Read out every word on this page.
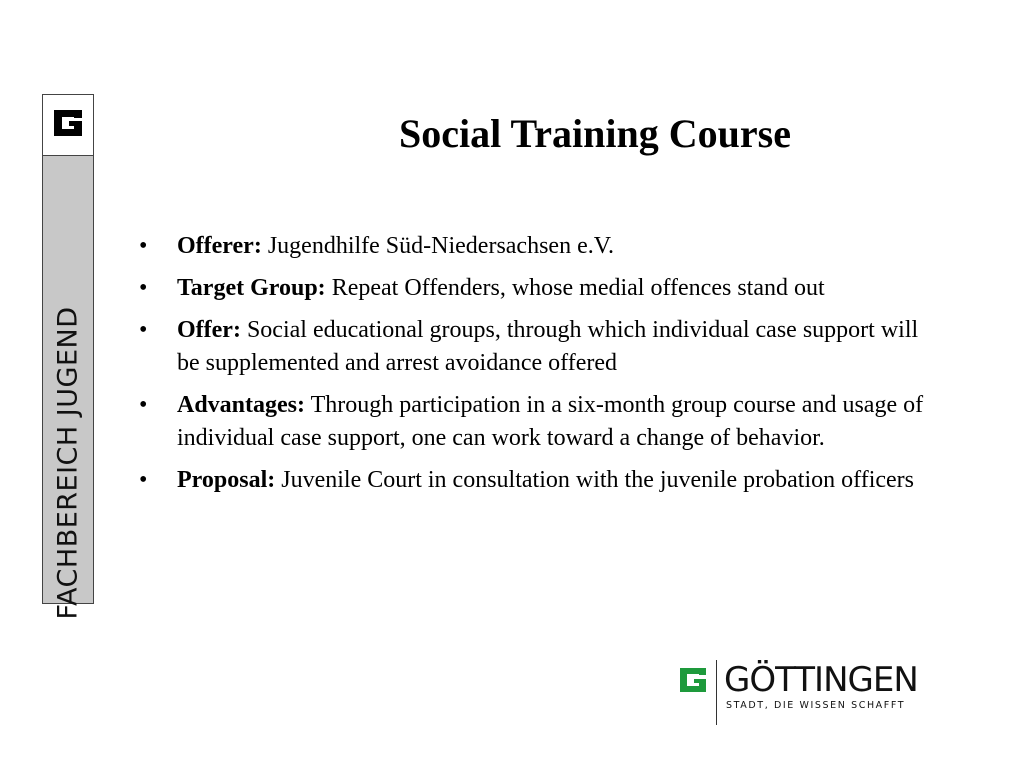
FACHBEREICH JUGEND
Social Training Course
• Offerer: Jugendhilfe Süd-Niedersachsen e.V.
• Target Group: Repeat Offenders, whose medial offences stand out
• Offer: Social educational groups, through which individual case support will be supplemented and arrest avoidance offered
• Advantages: Through participation in a six-month group course and usage of individual case support, one can work toward a change of behavior.
• Proposal: Juvenile Court in consultation with the juvenile probation officers
GÖTTINGEN
STADT, DIE WISSEN SCHAFFT
